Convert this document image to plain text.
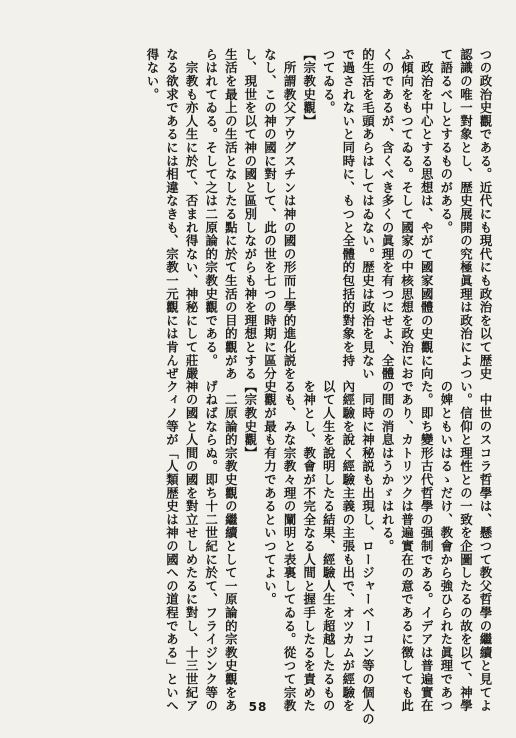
つの政治史觀である。近代にも現代にも政治を以て歴史
認識の唯一對象とし、歴史展開の究極眞理は政治によつ
て語るべしとするものがある。
　政治を中心とする思想は、やがて國家國體の史觀に向
ふ傾向をもつてゐる。そして國家の中核思想を政治にお
くのであるが、含くべき多くの眞理を有つにせよ、全體
的生活を毛頭あらはしてはゐない。歴史は政治を見ない
で過されないと同時に、もつと全體的包括的對象を持
つてゐる。
【宗教史觀】
　所謂教父アウグスチンは神の國の形而上學的進化説を
なし、この神の國に對して、此の世を七つの時期に區分
し、現世を以て神の國と區別しながらも神を理想とする
生活を最上の生活となしたる點に於て生活の目的觀があ
らはれてゐる。そして之は二原論的宗教史觀である。
　宗教も亦人生に於て、否まれ得ない、神秘にして莊嚴
なる欲求であるには相違なきも、宗教一元觀には肯んぜ
得ない。
　中世のスコラ哲學は、懸つて教父哲學の繼續と見てよ
い。信仰と理性との一致を企圖したるの故を以て、神學
の婢ともいはるゝだけ、教會から強ひられた眞理であつ
た。即ち變形古代哲學の强制である。イデアは普遍實在
であり、カトリツクは普遍實在の意であるに徴しても此
の間の消息はうかゞはれる。
　同時に神秘説も出現し、ロージャーベーコン等の個人の
內經驗を說く經驗主義の主張も出で、オツカムが經驗を
以て人生を說明したる結果、經驗人生を超越したるもの
を神とし、教會が不完全なる人間と握手したるを責めた
るも、みな宗教々理の闡明と表裏してゐる。從つて宗教
史觀が最も有力であるといつてよい。
【宗教史觀】
　二原論的宗教史觀の繼續として一原論的宗教史觀をあ
げねばならぬ。即ち十二世紀に於て、フライジンク等の
神の國と人間の國を對立せしめたるに對し、十三世紀ア
クィノ等が「人類歴史は神の國への道程である」といへ	58
